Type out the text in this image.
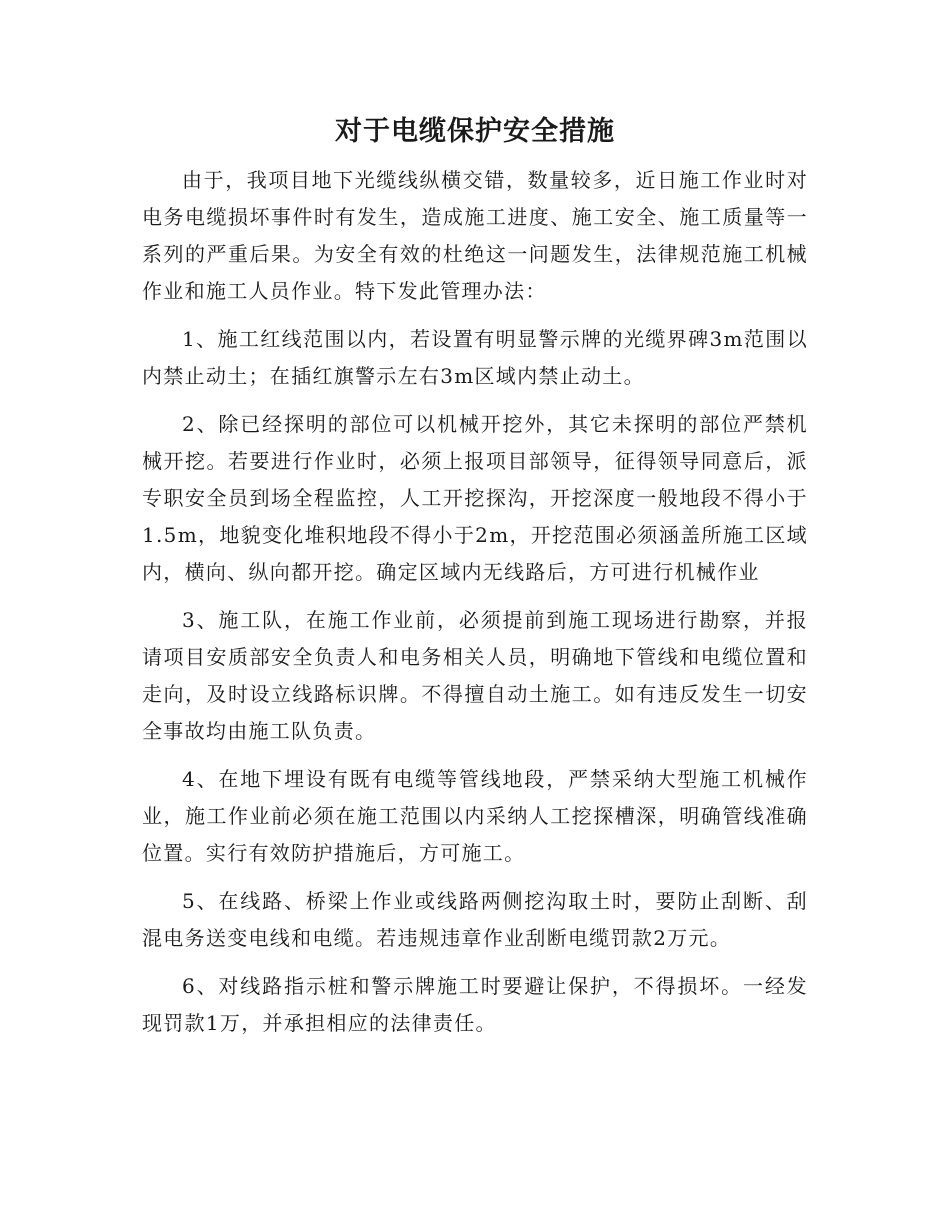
对于电缆保护安全措施

由于，我项目地下光缆线纵横交错，数量较多，近日施工作业时对电务电缆损坏事件时有发生，造成施工进度、施工安全、施工质量等一系列的严重后果。为安全有效的杜绝这一问题发生，法律规范施工机械作业和施工人员作业。特下发此管理办法：

1、施工红线范围以内，若设置有明显警示牌的光缆界碑3m范围以内禁止动土；在插红旗警示左右3m区域内禁止动土。

2、除已经探明的部位可以机械开挖外，其它未探明的部位严禁机械开挖。若要进行作业时，必须上报项目部领导，征得领导同意后，派专职安全员到场全程监控，人工开挖探沟，开挖深度一般地段不得小于1.5m，地貌变化堆积地段不得小于2m，开挖范围必须涵盖所施工区域内，横向、纵向都开挖。确定区域内无线路后，方可进行机械作业

3、施工队，在施工作业前，必须提前到施工现场进行勘察，并报请项目安质部安全负责人和电务相关人员，明确地下管线和电缆位置和走向，及时设立线路标识牌。不得擅自动土施工。如有违反发生一切安全事故均由施工队负责。

4、在地下埋设有既有电缆等管线地段，严禁采纳大型施工机械作业，施工作业前必须在施工范围以内采纳人工挖探槽深，明确管线准确位置。实行有效防护措施后，方可施工。

5、在线路、桥梁上作业或线路两侧挖沟取土时，要防止刮断、刮混电务送变电线和电缆。若违规违章作业刮断电缆罚款2万元。

6、对线路指示桩和警示牌施工时要避让保护，不得损坏。一经发现罚款1万，并承担相应的法律责任。
